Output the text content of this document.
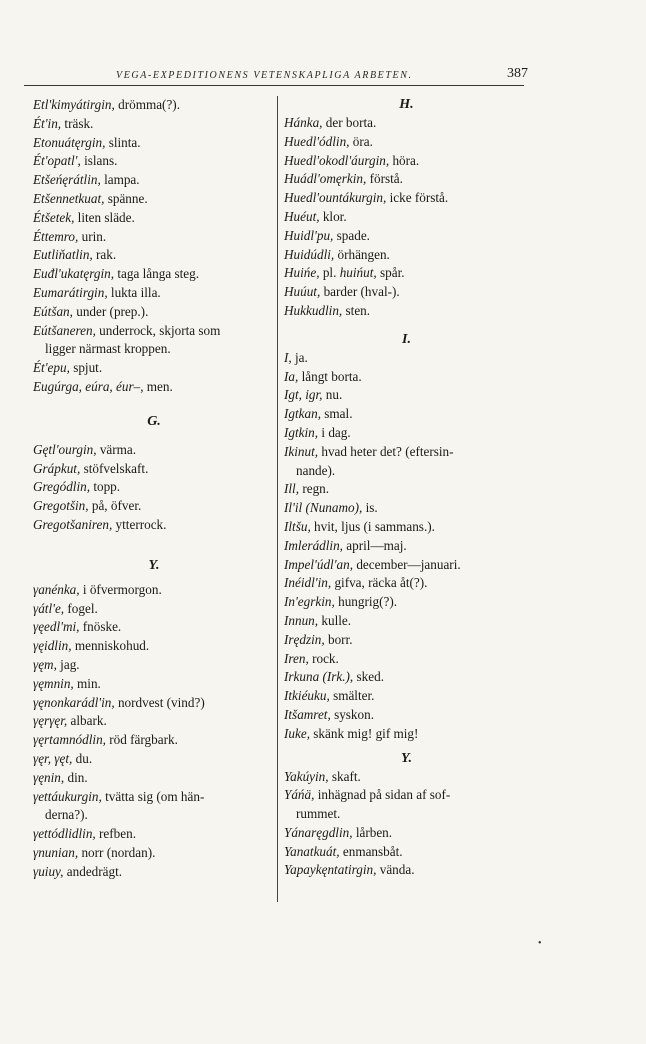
VEGA-EXPEDITIONENS VETENSKAPLIGA ARBETEN.	387
Etl'kimyátirgin, drömma(?).
Ét'in, träsk.
Etonuátęrgin, slinta.
Ét'opatl', islans.
Etšeńęrátlin, lampa.
Etšennetkuat, spänne.
Étšetek, liten släde.
Éttemro, urin.
Eutliňatlin, rak.
Euđl'ukatęrgin, taga långa steg.
Eumarátirgin, lukta illa.
Eútšan, under (prep.).
Eútšaneren, underrock, skjorta som
ligger närmast kroppen.
Ét'epu, spjut.
Eugúrga, eúra, éur–, men.
G.
Gętl'ourgin, värma.
Grápkut, stöfvelskaft.
Gregódlin, topp.
Gregotšin, på, öfver.
Gregotšaniren, ytterrock.
Y.
γanénka, i öfvermorgon.
γátl'e, fogel.
γęedl'mi, fnöske.
γęidlin, menniskohud.
γęm, jag.
γęmnin, min.
γęnonkarádl'in, nordvest (vind?)
γęrγęr, albark.
γęrtamnódlin, röd färgbark.
γęr, γęt, du.
γęnin, din.
γettáukurgin, tvätta sig (om hän-
derna?).
γettódlidlin, refben.
γnunian, norr (nordan).
γuiuy, andedrägt.
H.
Hánka, der borta.
Huedl'ódlin, öra.
Huedl'okodl'áurgin, höra.
Huádl'omęrkin, förstå.
Huedl'ountákurgin, icke förstå.
Huéut, klor.
Huidl'pu, spade.
Huidúdli, örhängen.
Huińe, pl. huińut, spår.
Huúut, barder (hval-).
Hukkudlin, sten.
I.
I, ja.
Ia, långt borta.
Igt, igr, nu.
Igtkan, smal.
Igtkin, i dag.
Ikinut, hvad heter det? (eftersin-
nande).
Ill, regn.
Il'il (Nunamo), is.
Iltšu, hvit, ljus (i sammans.).
Imlerádlin, april—maj.
Impel'údl'an, december—januari.
Inéidl'in, gifva, räcka åt(?).
In'egrkin, hungrig(?).
Innun, kulle.
Irędzin, borr.
Iren, rock.
Irkuna (Irk.), sked.
Itkiéuku, smälter.
Itšamret, syskon.
Iuke, skänk mig! gif mig!
Y.
Yakúyin, skaft.
Yáńä, inhägnad på sidan af sof-
rummet.
Yánaręgdlin, lårben.
Yanatkuát, enmansbåt.
Yapaykęntatirgin, vända.
•
